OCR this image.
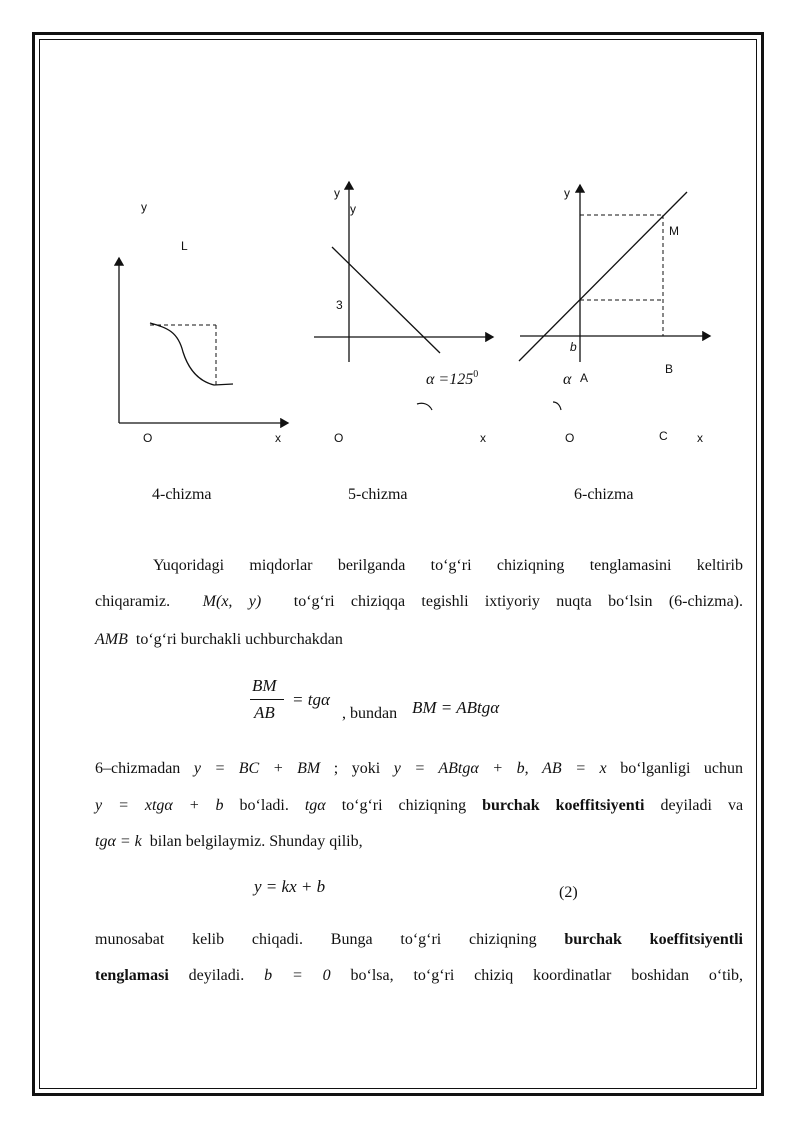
y
L
O	x
y
y
3
$\alpha =125^0$
O	x
y
M
b
α A
B
O	C x
4-chizma	5-chizma	6-chizma
Yuqoridagi miqdorlar berilganda to‘g‘ri chiziqning tenglamasini keltirib
chiqaramiz. M(x, y) to‘g‘ri chiziqqa tegishli ixtiyoriy nuqta bo‘lsin (6-chizma).
AMB to‘g‘ri burchakli uchburchakdan
BM
AB
= tgα
, bundan BM = ABtgα
6–chizmadan y = BC + BM ; yoki y = ABtgα + b, AB = x bo‘lganligi uchun
y = xtgα + b bo‘ladi. tgα to‘g‘ri chiziqning burchak koeffitsiyenti deyiladi va
tgα = k bilan belgilaymiz. Shunday qilib,
y = kx + b	(2)
munosabat kelib chiqadi. Bunga to‘g‘ri chiziqning burchak koeffitsiyentli
tenglamasi deyiladi. b = 0 bo‘lsa, to‘g‘ri chiziq koordinatlar boshidan o‘tib,
